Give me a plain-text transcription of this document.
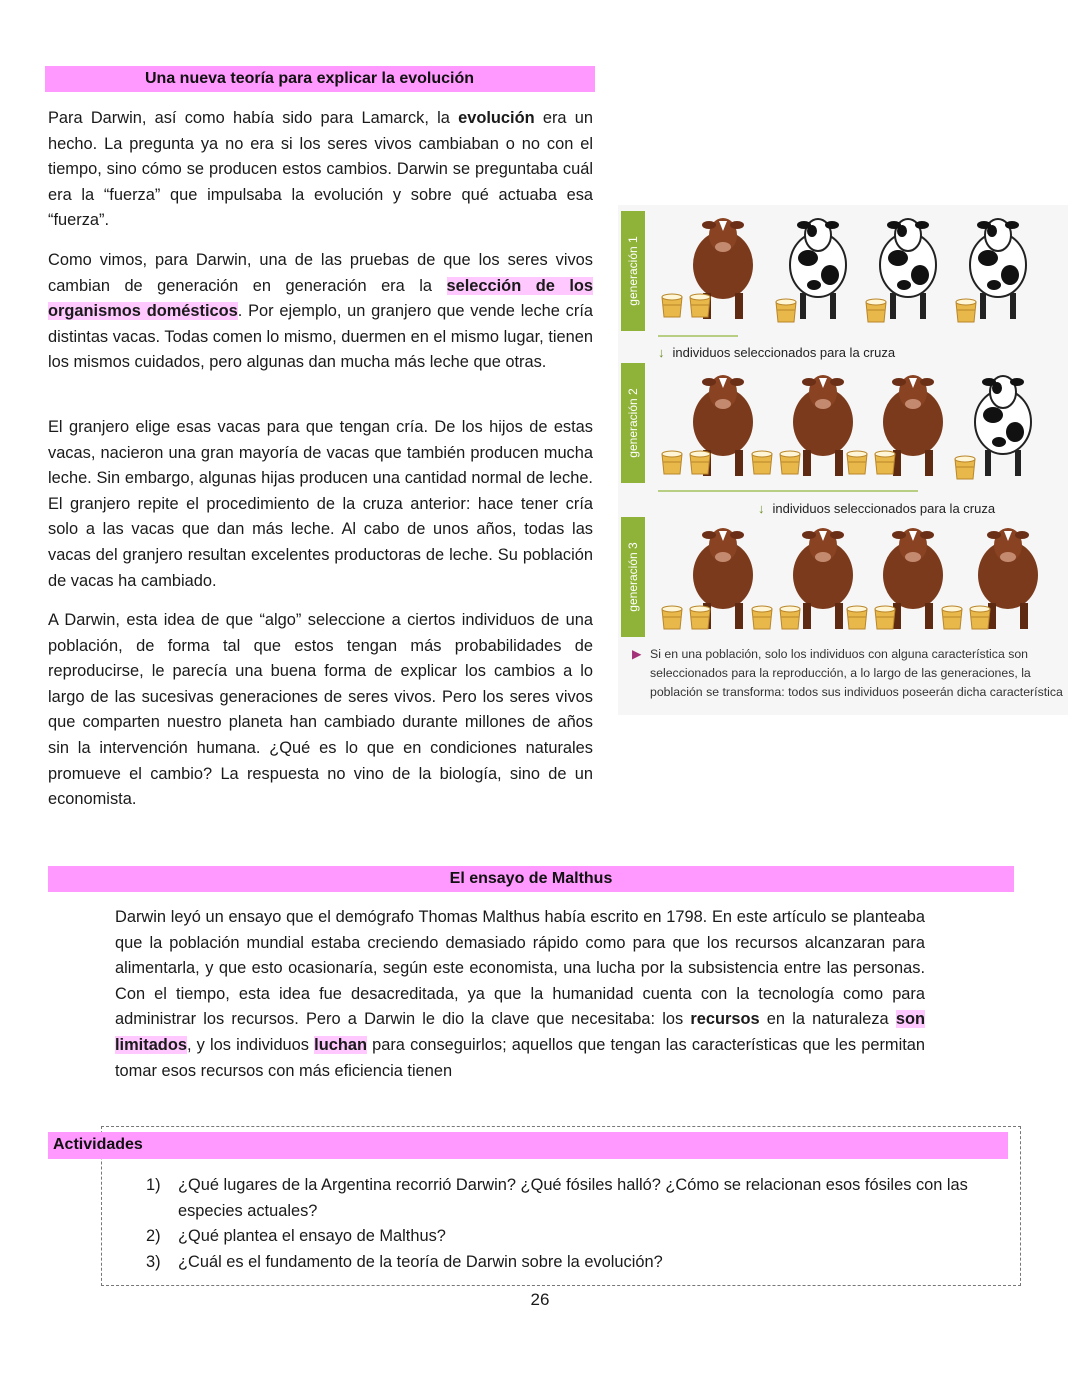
Una nueva teoría para explicar la evolución

Para Darwin, así como había sido para Lamarck, la evolución era un hecho. La pregunta ya no era si los seres vivos cambiaban o no con el tiempo, sino cómo se producen estos cambios. Darwin se preguntaba cuál era la “fuerza” que impulsaba la evolución y sobre qué actuaba esa “fuerza”.

Como vimos, para Darwin, una de las pruebas de que los seres vivos cambian de generación en generación era la selección de los organismos domésticos. Por ejemplo, un granjero que vende leche cría distintas vacas. Todas comen lo mismo, duermen en el mismo lugar, tienen los mismos cuidados, pero algunas dan mucha más leche que otras.

El granjero elige esas vacas para que tengan cría. De los hijos de estas vacas, nacieron una gran mayoría de vacas que también producen mucha leche. Sin embargo, algunas hijas producen una cantidad normal de leche. El granjero repite el procedimiento de la cruza anterior: hace tener cría solo a las vacas que dan más leche. Al cabo de unos años, todas las vacas del granjero resultan excelentes productoras de leche. Su población de vacas ha cambiado.

A Darwin, esta idea de que “algo” seleccione a ciertos individuos de una población, de forma tal que estos tengan más probabilidades de reproducirse, le parecía una buena forma de explicar los cambios a lo largo de las sucesivas generaciones de seres vivos. Pero los seres vivos que comparten nuestro planeta han cambiado durante millones de años sin la intervención humana. ¿Qué es lo que en condiciones naturales promueve el cambio? La respuesta no vino de la biología, sino de un economista.

generación 1
generación 2
generación 3
↓ individuos seleccionados para la cruza
↓ individuos seleccionados para la cruza
▶ Si en una población, solo los individuos con alguna característica son seleccionados para la reproducción, a lo largo de las generaciones, la población se transforma: todos sus individuos poseerán dicha característica
El ensayo de Malthus

Darwin leyó un ensayo que el demógrafo Thomas Malthus había escrito en 1798. En este artículo se planteaba que la población mundial estaba creciendo demasiado rápido como para que los recursos alcanzaran para alimentarla, y que esto ocasionaría, según este economista, una lucha por la subsistencia entre las personas. Con el tiempo, esta idea fue desacreditada, ya que la humanidad cuenta con la tecnología como para administrar los recursos. Pero a Darwin le dio la clave que necesitaba: los recursos en la naturaleza son limitados, y los individuos luchan para conseguirlos; aquellos que tengan las características que les permitan tomar esos recursos con más eficiencia tienen

Actividades
1) ¿Qué lugares de la Argentina recorrió Darwin? ¿Qué fósiles halló? ¿Cómo se relacionan esos fósiles con las especies actuales?
2) ¿Qué plantea el ensayo de Malthus?
3) ¿Cuál es el fundamento de la teoría de Darwin sobre la evolución?
26
